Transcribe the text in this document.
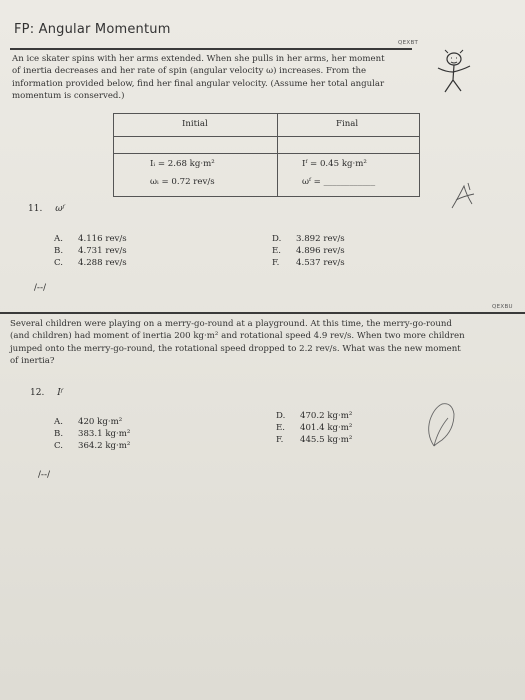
FP: Angular Momentum
QEXBT
An ice skater spins with her arms extended. When she pulls in her arms, her moment
of inertia decreases and her rate of spin (angular velocity ω) increases. From the
information provided below, find her final angular velocity. (Assume her total angular
momentum is conserved.)
Initial	Final
Iᵢ = 2.68 kg·m²
ωᵢ = 0.72 rev/s
Iᶠ = 0.45 kg·m²
ωᶠ = ____________
11. ωᶠ
A. 4.116 rev/s
B. 4.731 rev/s
C. 4.288 rev/s
D. 3.892 rev/s
E. 4.896 rev/s
F. 4.537 rev/s
/--/
QEXBU
Several children were playing on a merry-go-round at a playground. At this time, the merry-go-round
(and children) had moment of inertia 200 kg·m² and rotational speed 4.9 rev/s. When two more children
jumped onto the merry-go-round, the rotational speed dropped to 2.2 rev/s. What was the new moment
of inertia?
12. Iᶠ
A. 420 kg·m²
B. 383.1 kg·m²
C. 364.2 kg·m²
D. 470.2 kg·m²
E. 401.4 kg·m²
F. 445.5 kg·m²
/--/
